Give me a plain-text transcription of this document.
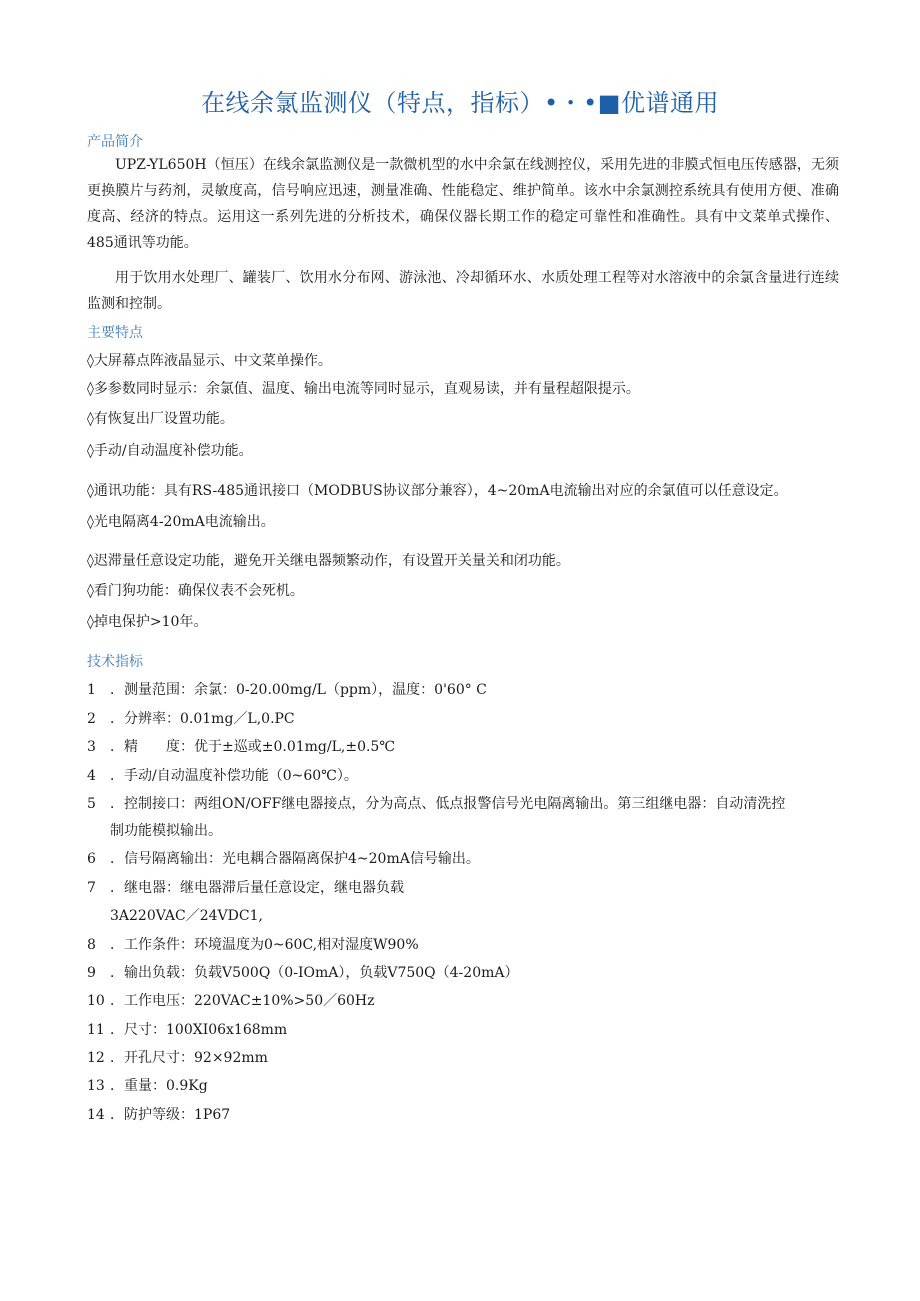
在线余氯监测仪（特点，指标）•・•■优谱通用
产品简介
UPZ-YL650H（恒压）在线余氯监测仪是一款微机型的水中余氯在线测控仪，采用先进的非膜式恒电压传感器，无须更换膜片与药剂，灵敏度高，信号响应迅速，测量准确、性能稳定、维护简单。该水中余氯测控系统具有使用方便、准确度高、经济的特点。运用这一系列先进的分析技术，确保仪器长期工作的稳定可靠性和准确性。具有中文菜单式操作、485通讯等功能。
用于饮用水处理厂、罐装厂、饮用水分布网、游泳池、冷却循环水、水质处理工程等对水溶液中的余氯含量进行连续监测和控制。
主要特点
◊大屏幕点阵液晶显示、中文菜单操作。
◊多参数同时显示：余氯值、温度、输出电流等同时显示，直观易读，并有量程超限提示。
◊有恢复出厂设置功能。
◊手动/自动温度补偿功能。
◊通讯功能：具有RS-485通讯接口（MODBUS协议部分兼容），4~20mA电流输出对应的余氯值可以任意设定。
◊光电隔离4-20mA电流输出。
◊迟滞量任意设定功能，避免开关继电器频繁动作，有设置开关量关和闭功能。
◊看门狗功能：确保仪表不会死机。
◊掉电保护>10年。
技术指标
1 ．测量范围：余氯：0-20.00mg/L（ppm），温度：0'60° C
2 ．分辨率：0.01mg／L,0.PC
3 ．精　　度：优于±巡或±0.01mg/L,±0.5℃
4 ．手动/自动温度补偿功能（0~60℃）。
5 ．控制接口：两组ON/OFF继电器接点，分为高点、低点报警信号光电隔离输出。第三组继电器：自动清洗控
制功能模拟输出。
6 ．信号隔离输出：光电耦合器隔离保护4~20mA信号输出。
7 ．继电器：继电器滞后量任意设定，继电器负载
3A220VAC／24VDC1,
8 ．工作条件：环境温度为0~60C,相对湿度W90%
9 ．输出负载：负载V500Q（0-IOmA），负载V750Q（4-20mA）
10 ．工作电压：220VAC±10%>50／60Hz
11 ．尺寸：100XI06x168mm
12 ．开孔尺寸：92×92mm
13 ．重量：0.9Kg
14 ．防护等级：1P67
